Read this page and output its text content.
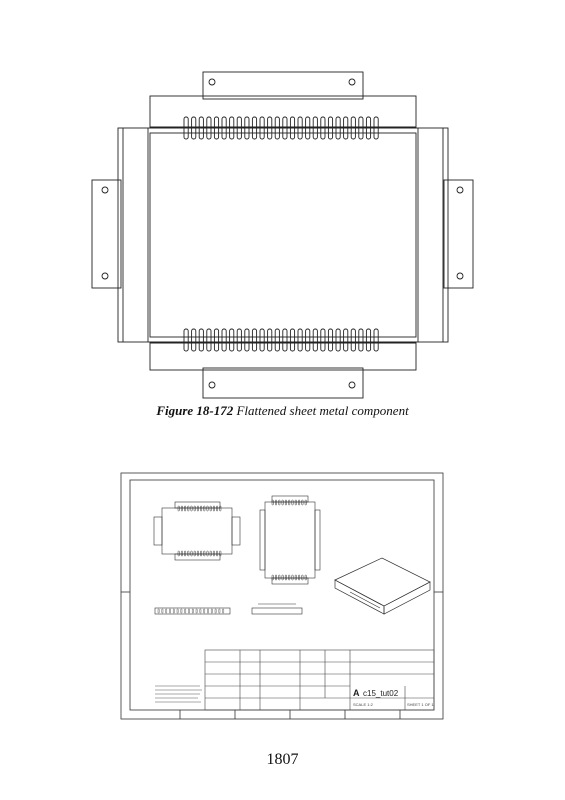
Figure 18-172 Flattened sheet metal component
A c15_tut02
SCALE 1:2	SHEET 1 OF 1
1807
